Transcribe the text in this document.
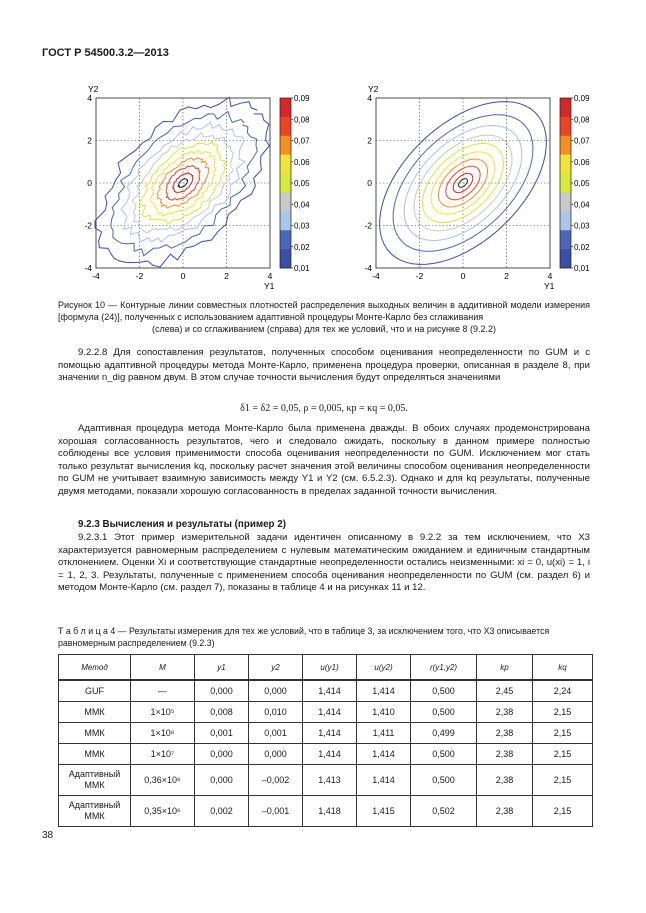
ГОСТ Р 54500.3.2—2013
4
2
0
-2
-4
-4	-2	0	2	4
Y2
Y1
0,09
0,08
0,07
0,06
0,05
0,04
0,03
0,02
0,01
4
2
0
-2
-4
-4	-2	0	2	4
Y2
Y1
0,09
0,08
0,07
0,06
0,05
0,04
0,03
0,02
0,01
Рисунок 10 — Контурные линии совместных плотностей распределения выходных величин в аддитивной модели измерения [формула (24)], полученных с использованием адаптивной процедуры Монте-Карло без сглаживания
(слева) и со сглаживанием (справа) для тех же условий, что и на рисунке 8 (9.2.2)
9.2.2.8 Для сопоставления результатов, полученных способом оценивания неопределенности по GUM и с помощью адаптивной процедуры метода Монте-Карло, применена процедура проверки, описанная в разделе 8, при значении n_dig равном двум. В этом случае точности вычисления будут определяться значениями
δ1 = δ2 = 0,05, ρ = 0,005, κp = κq = 0,05.
Адаптивная процедура метода Монте-Карло была применена дважды. В обоих случаях продемонстрирована хорошая согласованность результатов, чего и следовало ожидать, поскольку в данном примере полностью соблюдены все условия применимости способа оценивания неопределенности по GUM. Исключением мог стать только результат вычисления kq, поскольку расчет значения этой величины способом оценивания неопределенности по GUM не учитывает взаимную зависимость между Y1 и Y2 (см. 6.5.2.3). Однако и для kq результаты, полученные двумя методами, показали хорошую согласованность в пределах заданной точности вычисления.
9.2.3 Вычисления и результаты (пример 2)
9.2.3.1 Этот пример измерительной задачи идентичен описанному в 9.2.2 за тем исключением, что X3 характеризуется равномерным распределением с нулевым математическим ожиданием и единичным стандартным отклонением. Оценки Xi и соответствующие стандартные неопределенности остались неизменными: xi = 0, u(xi) = 1, i = 1, 2, 3. Результаты, полученные с применением способа оценивания неопределенности по GUM (см. раздел 6) и методом Монте-Карло (см. раздел 7), показаны в таблице 4 и на рисунках 11 и 12.
Т а б л и ц а 4 — Результаты измерения для тех же условий, что в таблице 3, за исключением того, что X3 описывается равномерным распределением (9.2.3)
Метод	M	y1	y2	u(y1)	u(y2)	r(y1,y2)	kp	kq
GUF	—	0,000	0,000	1,414	1,414	0,500	2,45	2,24
ММК	1×10⁵	0,008	0,010	1,414	1,410	0,500	2,38	2,15
ММК	1×10⁶	0,001	0,001	1,414	1,411	0,499	2,38	2,15
ММК	1×10⁷	0,000	0,000	1,414	1,414	0,500	2,38	2,15
Адаптивный ММК	0,36×10⁶	0,000	–0,002	1,413	1,414	0,500	2,38	2,15
Адаптивный ММК	0,35×10⁶	0,002	–0,001	1,418	1,415	0,502	2,38	2,15
38
